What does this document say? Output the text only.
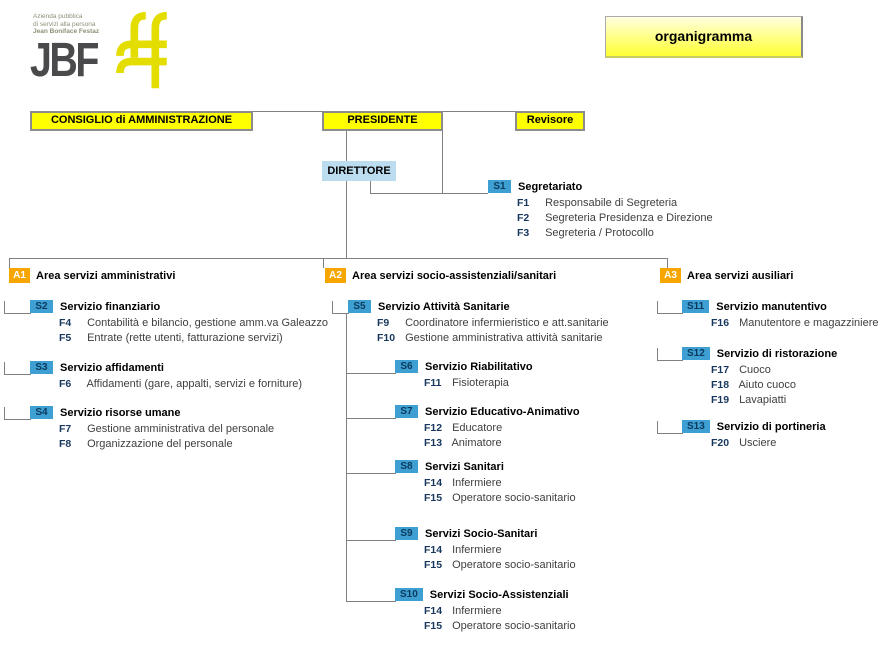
Azienda pubblica
di servizi alla persona
Jean Boniface Festaz
JBF	organigramma
CONSIGLIO di AMMINISTRAZIONE	PRESIDENTE	Revisore
DIRETTORE
A1 Area servizi amministrativi	A2 Area servizi socio-assistenziali/sanitari	A3 Area servizi ausiliari
S1	Segretariato
F1 Responsabile di Segreteria
F2 Segreteria Presidenza e Direzione
F3 Segreteria / Protocollo
S2	Servizio finanziario
F4 Contabilità e bilancio, gestione amm.va Galeazzo
F5 Entrate (rette utenti, fatturazione servizi)
S3	Servizio affidamenti
F6 Affidamenti (gare, appalti, servizi e forniture)
S4	Servizio risorse umane
F7 Gestione amministrativa del personale
F8 Organizzazione del personale
S5	Servizio Attività Sanitarie
F9 Coordinatore infermieristico e att.sanitarie
F10 Gestione amministrativa attività sanitarie
S6	Servizio Riabilitativo
F11 Fisioterapia
S7	Servizio Educativo-Animativo
F12 Educatore
F13 Animatore
S8	Servizi Sanitari
F14 Infermiere
F15 Operatore socio-sanitario
S9	Servizi Socio-Sanitari
F14 Infermiere
F15 Operatore socio-sanitario
S10	Servizi Socio-Assistenziali
F14 Infermiere
F15 Operatore socio-sanitario
S11	Servizio manutentivo
F16 Manutentore e magazziniere
S12	Servizio di ristorazione
F17 Cuoco
F18 Aiuto cuoco
F19 Lavapiatti
S13	Servizio di portineria
F20 Usciere
